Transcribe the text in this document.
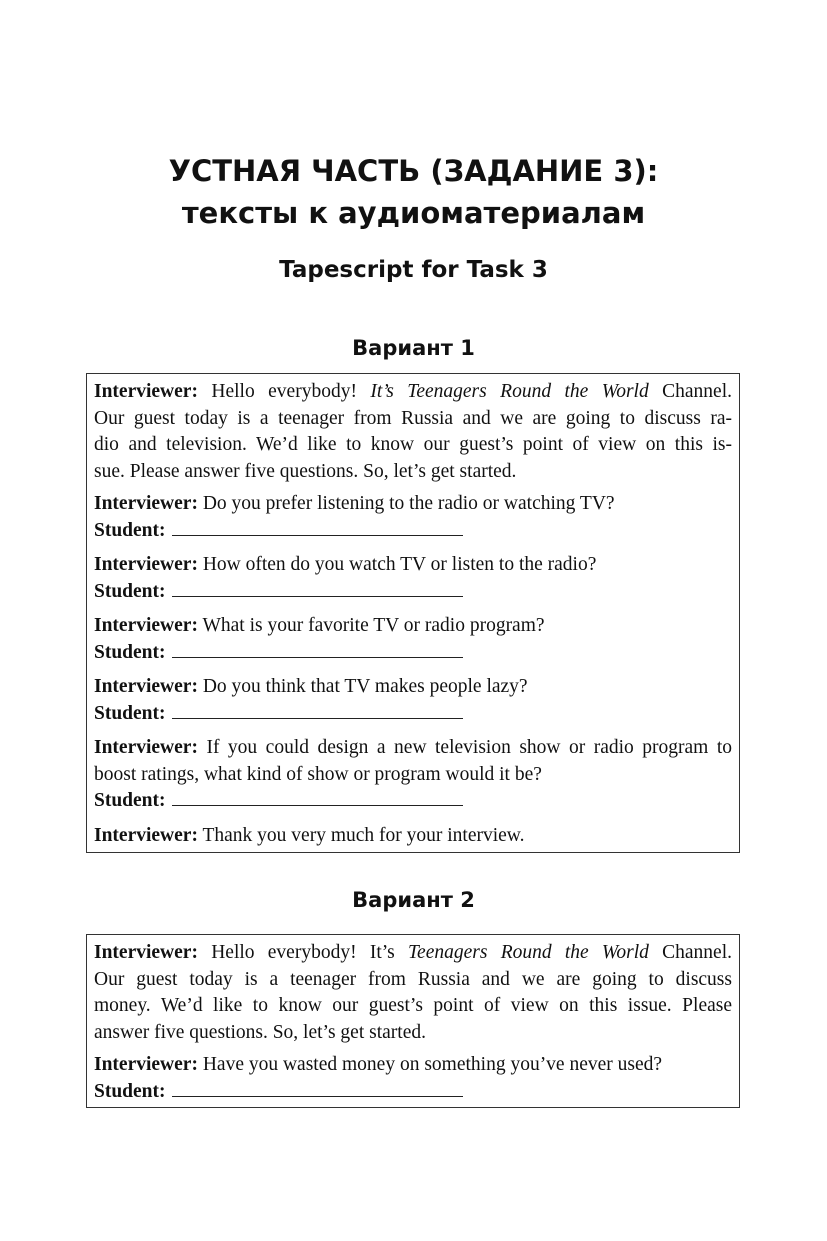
УСТНАЯ ЧАСТЬ (ЗАДАНИЕ 3):
тексты к аудиоматериалам
Tapescript for Task 3
Вариант 1

Interviewer: Hello everybody! It’s Teenagers Round the World Channel.

Our guest today is a teenager from Russia and we are going to discuss ra-

dio and television. We’d like to know our guest’s point of view on this is-

sue. Please answer five questions. So, let’s get started.

Interviewer: Do you prefer listening to the radio or watching TV?

Student:

Interviewer: How often do you watch TV or listen to the radio?

Student:

Interviewer: What is your favorite TV or radio program?

Student:

Interviewer: Do you think that TV makes people lazy?

Student:

Interviewer: If you could design a new television show or radio program to

boost ratings, what kind of show or program would it be?

Student:

Interviewer: Thank you very much for your interview.

Вариант 2

Interviewer: Hello everybody! It’s Teenagers Round the World Channel.

Our guest today is a teenager from Russia and we are going to discuss

money. We’d like to know our guest’s point of view on this issue. Please

answer five questions. So, let’s get started.

Interviewer: Have you wasted money on something you’ve never used?

Student:
